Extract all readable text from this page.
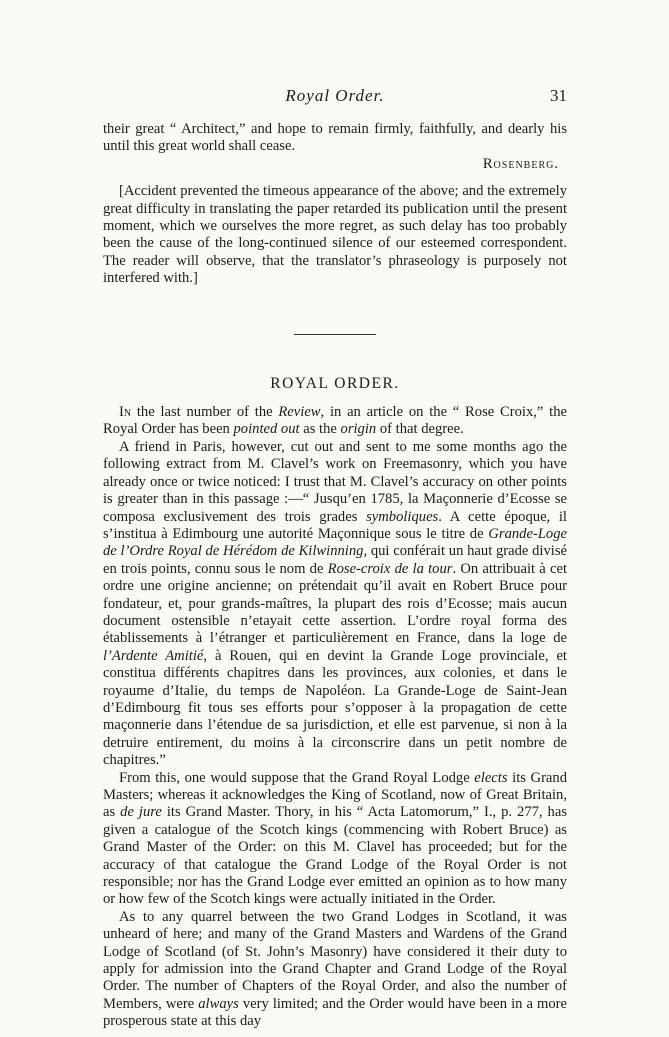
Royal Order.	31

their great “ Architect,” and hope to remain firmly, faithfully, and dearly his until this great world shall cease.

Rosenberg.

[Accident prevented the timeous appearance of the above; and the extremely great difficulty in translating the paper retarded its publication until the present moment, which we ourselves the more regret, as such delay has too probably been the cause of the long-continued silence of our esteemed correspondent. The reader will observe, that the translator’s phraseology is purposely not interfered with.]

ROYAL ORDER.

In the last number of the Review, in an article on the “ Rose Croix,” the Royal Order has been pointed out as the origin of that degree.

A friend in Paris, however, cut out and sent to me some months ago the following extract from M. Clavel’s work on Freemasonry, which you have already once or twice noticed: I trust that M. Clavel’s accuracy on other points is greater than in this passage :—“ Jusqu’en 1785, la Maçonnerie d’Ecosse se composa exclusivement des trois grades symboliques. A cette époque, il s’institua à Edimbourg une autorité Maçonnique sous le titre de Grande-Loge de l’Ordre Royal de Hérédom de Kilwinning, qui conférait un haut grade divisé en trois points, connu sous le nom de Rose-croix de la tour. On attribuait à cet ordre une origine ancienne; on prétendait qu’il avait en Robert Bruce pour fondateur, et, pour grands-maîtres, la plupart des rois d’Ecosse; mais aucun document ostensible n’etayait cette assertion. L’ordre royal forma des établissements à l’étranger et particulièrement en France, dans la loge de l’Ardente Amitié, à Rouen, qui en devint la Grande Loge provinciale, et constitua différents chapitres dans les provinces, aux colonies, et dans le royaume d’Italie, du temps de Napoléon. La Grande-Loge de Saint-Jean d’Edimbourg fit tous ses efforts pour s’opposer à la propagation de cette maçonnerie dans l’étendue de sa jurisdiction, et elle est parvenue, si non à la detruire entirement, du moins à la circonscrire dans un petit nombre de chapitres.”

From this, one would suppose that the Grand Royal Lodge elects its Grand Masters; whereas it acknowledges the King of Scotland, now of Great Britain, as de jure its Grand Master. Thory, in his “ Acta Latomorum,” I., p. 277, has given a catalogue of the Scotch kings (commencing with Robert Bruce) as Grand Master of the Order: on this M. Clavel has proceeded; but for the accuracy of that catalogue the Grand Lodge of the Royal Order is not responsible; nor has the Grand Lodge ever emitted an opinion as to how many or how few of the Scotch kings were actually initiated in the Order.

As to any quarrel between the two Grand Lodges in Scotland, it was unheard of here; and many of the Grand Masters and Wardens of the Grand Lodge of Scotland (of St. John’s Masonry) have considered it their duty to apply for admission into the Grand Chapter and Grand Lodge of the Royal Order. The number of Chapters of the Royal Order, and also the number of Members, were always very limited; and the Order would have been in a more prosperous state at this day
